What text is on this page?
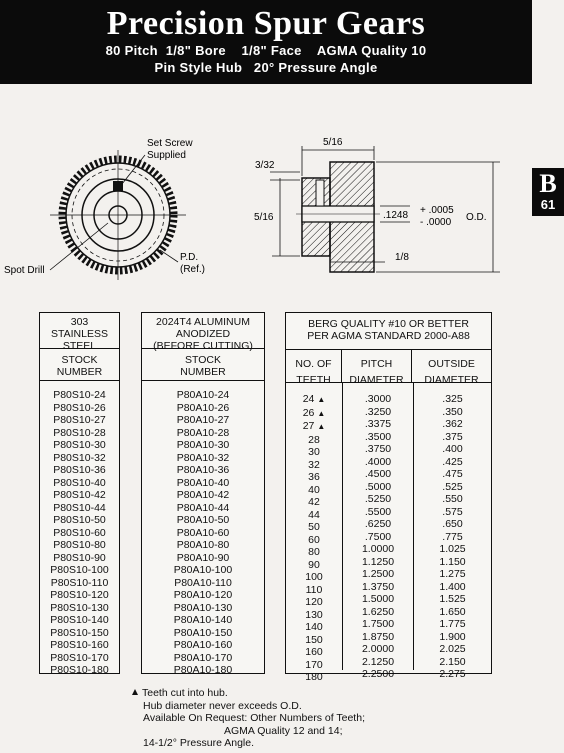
Precision Spur Gears
80 Pitch  1/8" Bore    1/8" Face    AGMA Quality 10
Pin Style Hub   20° Pressure Angle
B
61
Set Screw
Supplied
Spot Drill
P.D.
(Ref.)
5/16
3/32
5/16	.1248 + .0005
- .0000 O.D.
1/8
303
STAINLESS
STEEL
STOCK
NUMBER
P80S10-24
P80S10-26
P80S10-27
P80S10-28
P80S10-30
P80S10-32
P80S10-36
P80S10-40
P80S10-42
P80S10-44
P80S10-50
P80S10-60
P80S10-80
P80S10-90
P80S10-100
P80S10-110
P80S10-120
P80S10-130
P80S10-140
P80S10-150
P80S10-160
P80S10-170
P80S10-180
2024T4 ALUMINUM
ANODIZED
(BEFORE CUTTING)
STOCK
NUMBER
P80A10-24
P80A10-26
P80A10-27
P80A10-28
P80A10-30
P80A10-32
P80A10-36
P80A10-40
P80A10-42
P80A10-44
P80A10-50
P80A10-60
P80A10-80
P80A10-90
P80A10-100
P80A10-110
P80A10-120
P80A10-130
P80A10-140
P80A10-150
P80A10-160
P80A10-170
P80A10-180
BERG QUALITY #10 OR BETTER
PER AGMA STANDARD 2000-A88
NO. OF
TEETH
PITCH
DIAMETER
OUTSIDE
DIAMETER
24 ▲
26 ▲
27 ▲
28
30
32
36
40
42
44
50
60
80
90
100
110
120
130
140
150
160
170
180
.3000
.3250
.3375
.3500
.3750
.4000
.4500
.5000
.5250
.5500
.6250
.7500
1.0000
1.1250
1.2500
1.3750
1.5000
1.6250
1.7500
1.8750
2.0000
2.1250
2.2500
.325
.350
.362
.375
.400
.425
.475
.525
.550
.575
.650
.775
1.025
1.150
1.275
1.400
1.525
1.650
1.775
1.900
2.025
2.150
2.275
Teeth cut into hub.
Hub diameter never exceeds O.D.
Available On Request: Other Numbers of Teeth;
AGMA Quality 12 and 14;
14-1/2° Pressure Angle.
